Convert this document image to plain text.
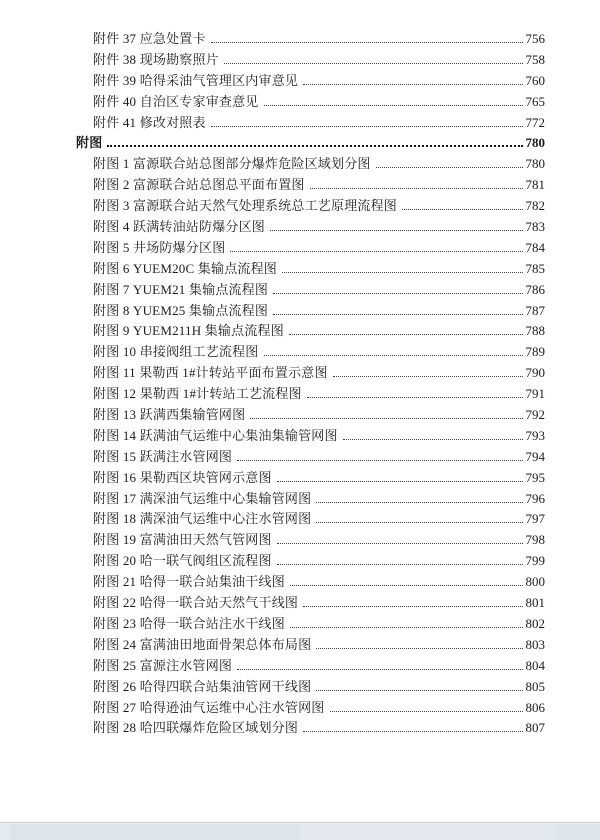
附件 37 应急处置卡	756
附件 38 现场勘察照片	758
附件 39 哈得采油气管理区内审意见	760
附件 40 自治区专家审查意见	765
附件 41 修改对照表	772
附图	780
附图 1 富源联合站总图部分爆炸危险区域划分图	780
附图 2 富源联合站总图总平面布置图	781
附图 3 富源联合站天然气处理系统总工艺原理流程图	782
附图 4 跃满转油站防爆分区图	783
附图 5 井场防爆分区图	784
附图 6 YUEM20C 集输点流程图	785
附图 7 YUEM21 集输点流程图	786
附图 8 YUEM25 集输点流程图	787
附图 9 YUEM211H 集输点流程图	788
附图 10 串接阀组工艺流程图	789
附图 11 果勒西 1#计转站平面布置示意图	790
附图 12 果勒西 1#计转站工艺流程图	791
附图 13 跃满西集输管网图	792
附图 14 跃满油气运维中心集油集输管网图	793
附图 15 跃满注水管网图	794
附图 16 果勒西区块管网示意图	795
附图 17 满深油气运维中心集输管网图	796
附图 18 满深油气运维中心注水管网图	797
附图 19 富满油田天然气管网图	798
附图 20 哈一联气阀组区流程图	799
附图 21 哈得一联合站集油干线图	800
附图 22 哈得一联合站天然气干线图	801
附图 23 哈得一联合站注水干线图	802
附图 24 富满油田地面骨架总体布局图	803
附图 25 富源注水管网图	804
附图 26 哈得四联合站集油管网干线图	805
附图 27 哈得逊油气运维中心注水管网图	806
附图 28 哈四联爆炸危险区域划分图	807
